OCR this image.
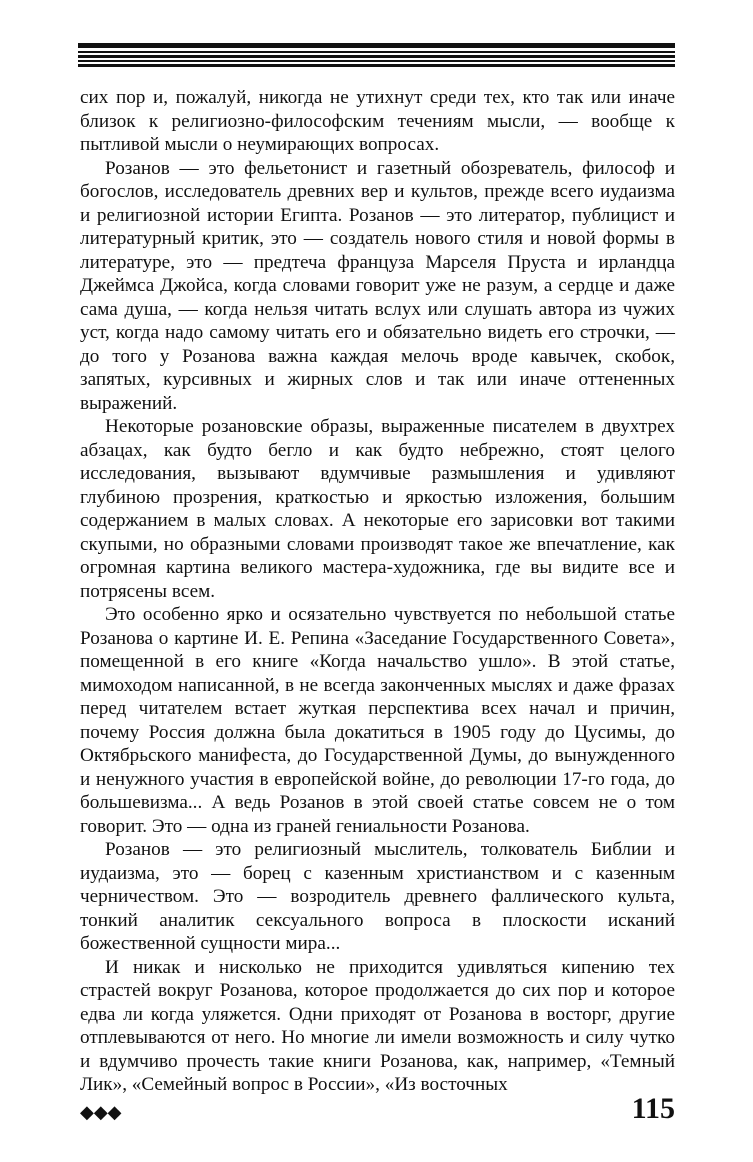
сих пор и, пожалуй, никогда не утихнут среди тех, кто так или иначе близок к религиозно-философским течениям мысли, — вообще к пытливой мысли о неумирающих вопросах.

Розанов — это фельетонист и газетный обозреватель, философ и богослов, исследователь древних вер и культов, прежде всего иудаизма и религиозной истории Египта. Розанов — это литератор, публицист и литературный критик, это — создатель нового стиля и новой формы в литературе, это — предтеча француза Марселя Пруста и ирландца Джеймса Джойса, когда словами говорит уже не разум, а сердце и даже сама душа, — когда нельзя читать вслух или слушать автора из чужих уст, когда надо самому читать его и обязательно видеть его строчки, — до того у Розанова важна каждая мелочь вроде кавычек, скобок, запятых, курсивных и жирных слов и так или иначе оттененных выражений.

Некоторые розановские образы, выраженные писателем в двухтрех абзацах, как будто бегло и как будто небрежно, стоят целого исследования, вызывают вдумчивые размышления и удивляют глубиною прозрения, краткостью и яркостью изложения, большим содержанием в малых словах. А некоторые его зарисовки вот такими скупыми, но образными словами производят такое же впечатление, как огромная картина великого мастера-художника, где вы видите все и потрясены всем.

Это особенно ярко и осязательно чувствуется по небольшой статье Розанова о картине И. Е. Репина «Заседание Государственного Совета», помещенной в его книге «Когда начальство ушло». В этой статье, мимоходом написанной, в не всегда законченных мыслях и даже фразах перед читателем встает жуткая перспектива всех начал и причин, почему Россия должна была докатиться в 1905 году до Цусимы, до Октябрьского манифеста, до Государственной Думы, до вынужденного и ненужного участия в европейской войне, до революции 17-го года, до большевизма... А ведь Розанов в этой своей статье совсем не о том говорит. Это — одна из граней гениальности Розанова.

Розанов — это религиозный мыслитель, толкователь Библии и иудаизма, это — борец с казенным христианством и с казенным черничеством. Это — возродитель древнего фаллического культа, тонкий аналитик сексуального вопроса в плоскости исканий божественной сущности мира...

И никак и нисколько не приходится удивляться кипению тех страстей вокруг Розанова, которое продолжается до сих пор и которое едва ли когда уляжется. Одни приходят от Розанова в восторг, другие отплевываются от него. Но многие ли имели возможность и силу чутко и вдумчиво прочесть такие книги Розанова, как, например, «Темный Лик», «Семейный вопрос в России», «Из восточных

◆◆◆	115
